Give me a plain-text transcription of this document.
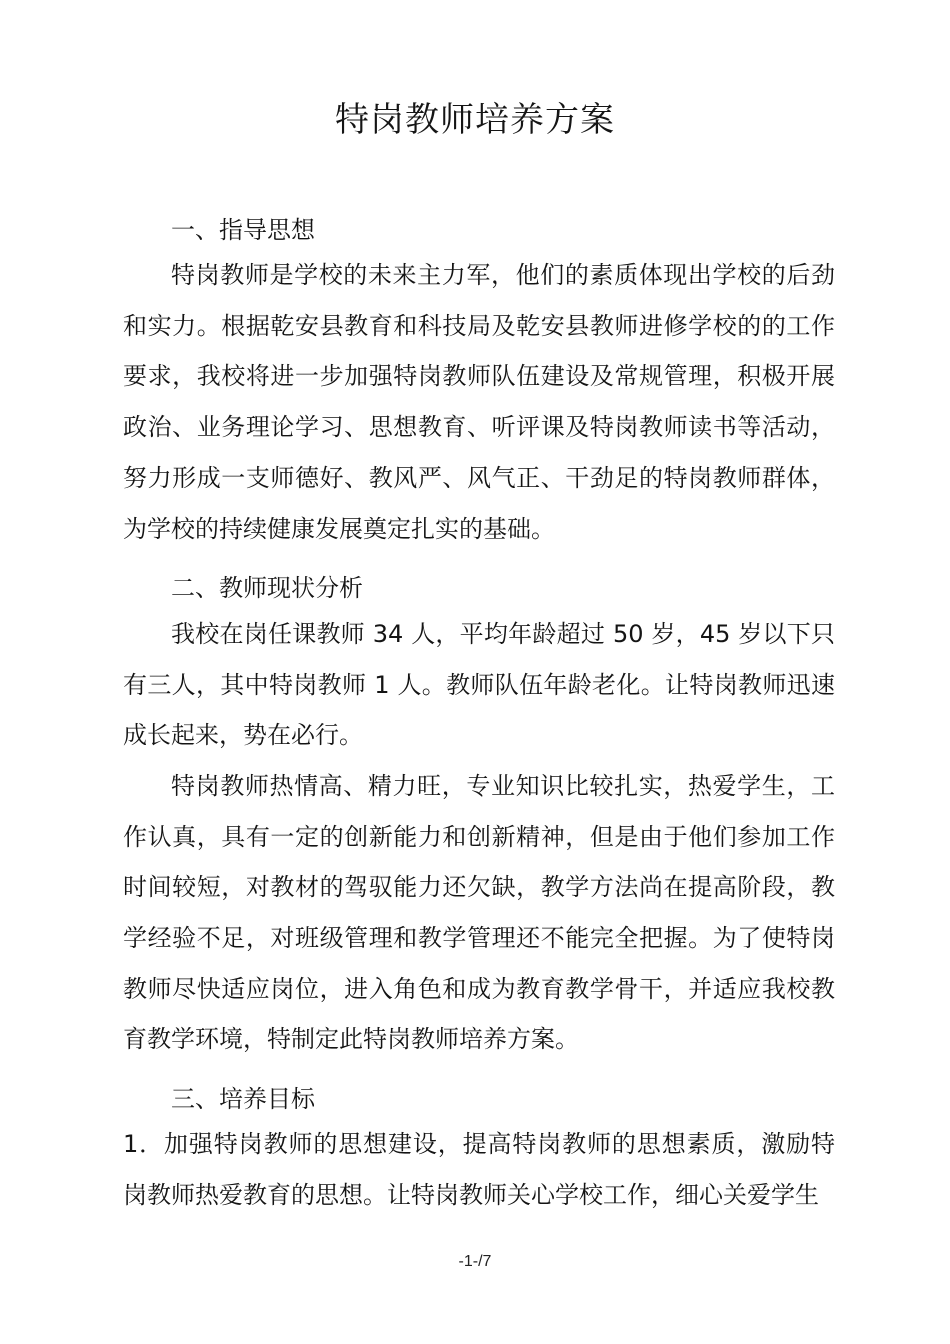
特岗教师培养方案
一、指导思想
特岗教师是学校的未来主力军，他们的素质体现出学校的后劲
和实力。根据乾安县教育和科技局及乾安县教师进修学校的的工作
要求，我校将进一步加强特岗教师队伍建设及常规管理，积极开展
政治、业务理论学习、思想教育、听评课及特岗教师读书等活动，
努力形成一支师德好、教风严、风气正、干劲足的特岗教师群体，
为学校的持续健康发展奠定扎实的基础。
二、教师现状分析
我校在岗任课教师 34 人，平均年龄超过 50 岁，45 岁以下只
有三人，其中特岗教师 1 人。教师队伍年龄老化。让特岗教师迅速
成长起来，势在必行。
特岗教师热情高、精力旺，专业知识比较扎实，热爱学生，工
作认真，具有一定的创新能力和创新精神，但是由于他们参加工作
时间较短，对教材的驾驭能力还欠缺，教学方法尚在提高阶段，教
学经验不足，对班级管理和教学管理还不能完全把握。为了使特岗
教师尽快适应岗位，进入角色和成为教育教学骨干，并适应我校教
育教学环境，特制定此特岗教师培养方案。
三、培养目标
1．加强特岗教师的思想建设，提高特岗教师的思想素质，激励特
岗教师热爱教育的思想。让特岗教师关心学校工作，细心关爱学生
-1-/7
